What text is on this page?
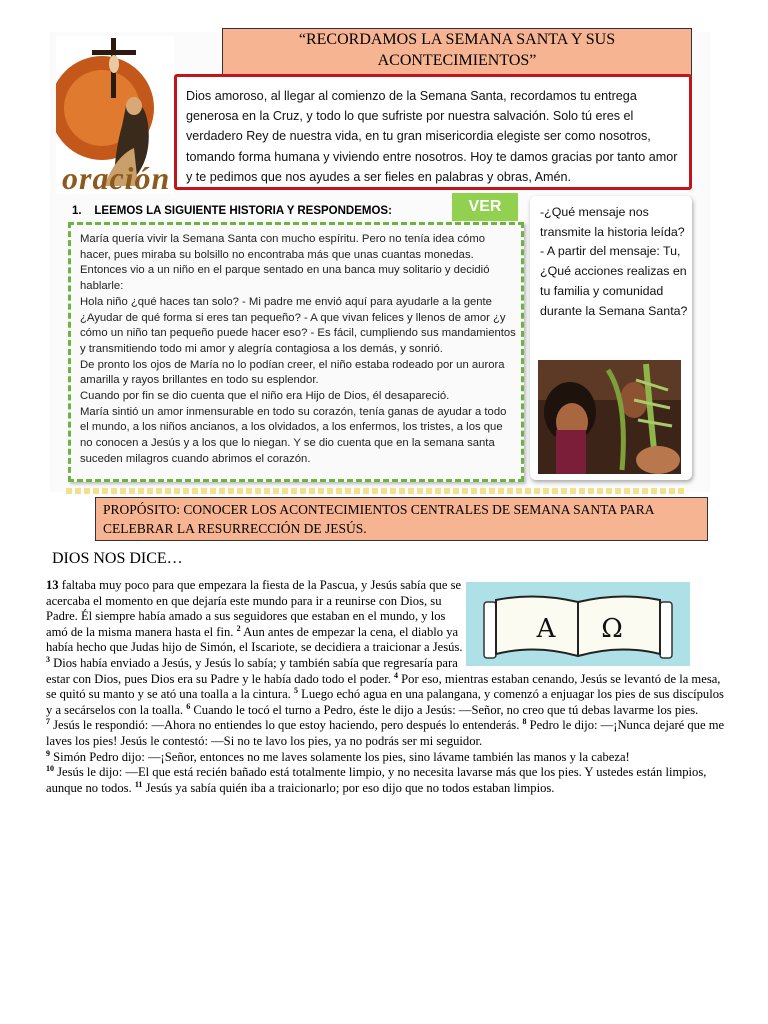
oración
“RECORDAMOS LA SEMANA SANTA Y SUS ACONTECIMIENTOS”
Dios amoroso, al llegar al comienzo de la Semana Santa, recordamos tu entrega generosa en la Cruz, y todo lo que sufriste por nuestra salvación. Solo tú eres el verdadero Rey de nuestra vida, en tu gran misericordia elegiste ser como nosotros, tomando forma humana y viviendo entre nosotros. Hoy te damos gracias por tanto amor y te pedimos que nos ayudes a ser fieles en palabras y obras, Amén.
1. LEEMOS LA SIGUIENTE HISTORIA Y RESPONDEMOS:	VER

María quería vivir la Semana Santa con mucho espíritu. Pero no tenía idea cómo hacer, pues miraba su bolsillo no encontraba más que unas cuantas monedas. Entonces vio a un niño en el parque sentado en una banca muy solitario y decidió hablarle:

Hola niño ¿qué haces tan solo? - Mi padre me envió aquí para ayudarle a la gente ¿Ayudar de qué forma si eres tan pequeño? - A que vivan felices y llenos de amor ¿y cómo un niño tan pequeño puede hacer eso? - Es fácil, cumpliendo sus mandamientos y transmitiendo todo mi amor y alegría contagiosa a los demás, y sonrió.

De pronto los ojos de María no lo podían creer, el niño estaba rodeado por un aurora amarilla y rayos brillantes en todo su esplendor.

Cuando por fin se dio cuenta que el niño era Hijo de Dios, él desapareció.

María sintió un amor inmensurable en todo su corazón, tenía ganas de ayudar a todo el mundo, a los niños ancianos, a los olvidados, a los enfermos, los tristes, a los que no conocen a Jesús y a los que lo niegan. Y se dio cuenta que en la semana santa suceden milagros cuando abrimos el corazón.

-¿Qué mensaje nos transmite la historia leída?
- A partir del mensaje: Tu, ¿Qué acciones realizas en tu familia y comunidad durante la Semana Santa?
PROPÓSITO: CONOCER LOS ACONTECIMIENTOS CENTRALES DE SEMANA SANTA PARA CELEBRAR LA RESURRECCIÓN DE JESÚS.
DIOS NOS DICE…
A Ω
13 faltaba muy poco para que empezara la fiesta de la Pascua, y Jesús sabía que se acercaba el momento en que dejaría este mundo para ir a reunirse con Dios, su Padre. Él siempre había amado a sus seguidores que estaban en el mundo, y los amó de la misma manera hasta el fin. $^2$ Aun antes de empezar la cena, el diablo ya había hecho que Judas hijo de Simón, el Iscariote, se decidiera a traicionar a Jesús. $^3$ Dios había enviado a Jesús, y Jesús lo sabía; y también sabía que regresaría para estar con Dios, pues Dios era su Padre y le había dado todo el poder. $^4$ Por eso, mientras estaban cenando, Jesús se levantó de la mesa, se quitó su manto y se ató una toalla a la cintura. $^5$ Luego echó agua en una palangana, y comenzó a enjuagar los pies de sus discípulos y a secárselos con la toalla. $^6$ Cuando le tocó el turno a Pedro, éste le dijo a Jesús: —Señor, no creo que tú debas lavarme los pies.
$^7$ Jesús le respondió: —Ahora no entiendes lo que estoy haciendo, pero después lo entenderás. $^8$ Pedro le dijo: —¡Nunca dejaré que me laves los pies! Jesús le contestó: —Si no te lavo los pies, ya no podrás ser mi seguidor.
$^9$ Simón Pedro dijo: —¡Señor, entonces no me laves solamente los pies, sino lávame también las manos y la cabeza!
$^{10}$ Jesús le dijo: —El que está recién bañado está totalmente limpio, y no necesita lavarse más que los pies. Y ustedes están limpios, aunque no todos. $^{11}$ Jesús ya sabía quién iba a traicionarlo; por eso dijo que no todos estaban limpios.
